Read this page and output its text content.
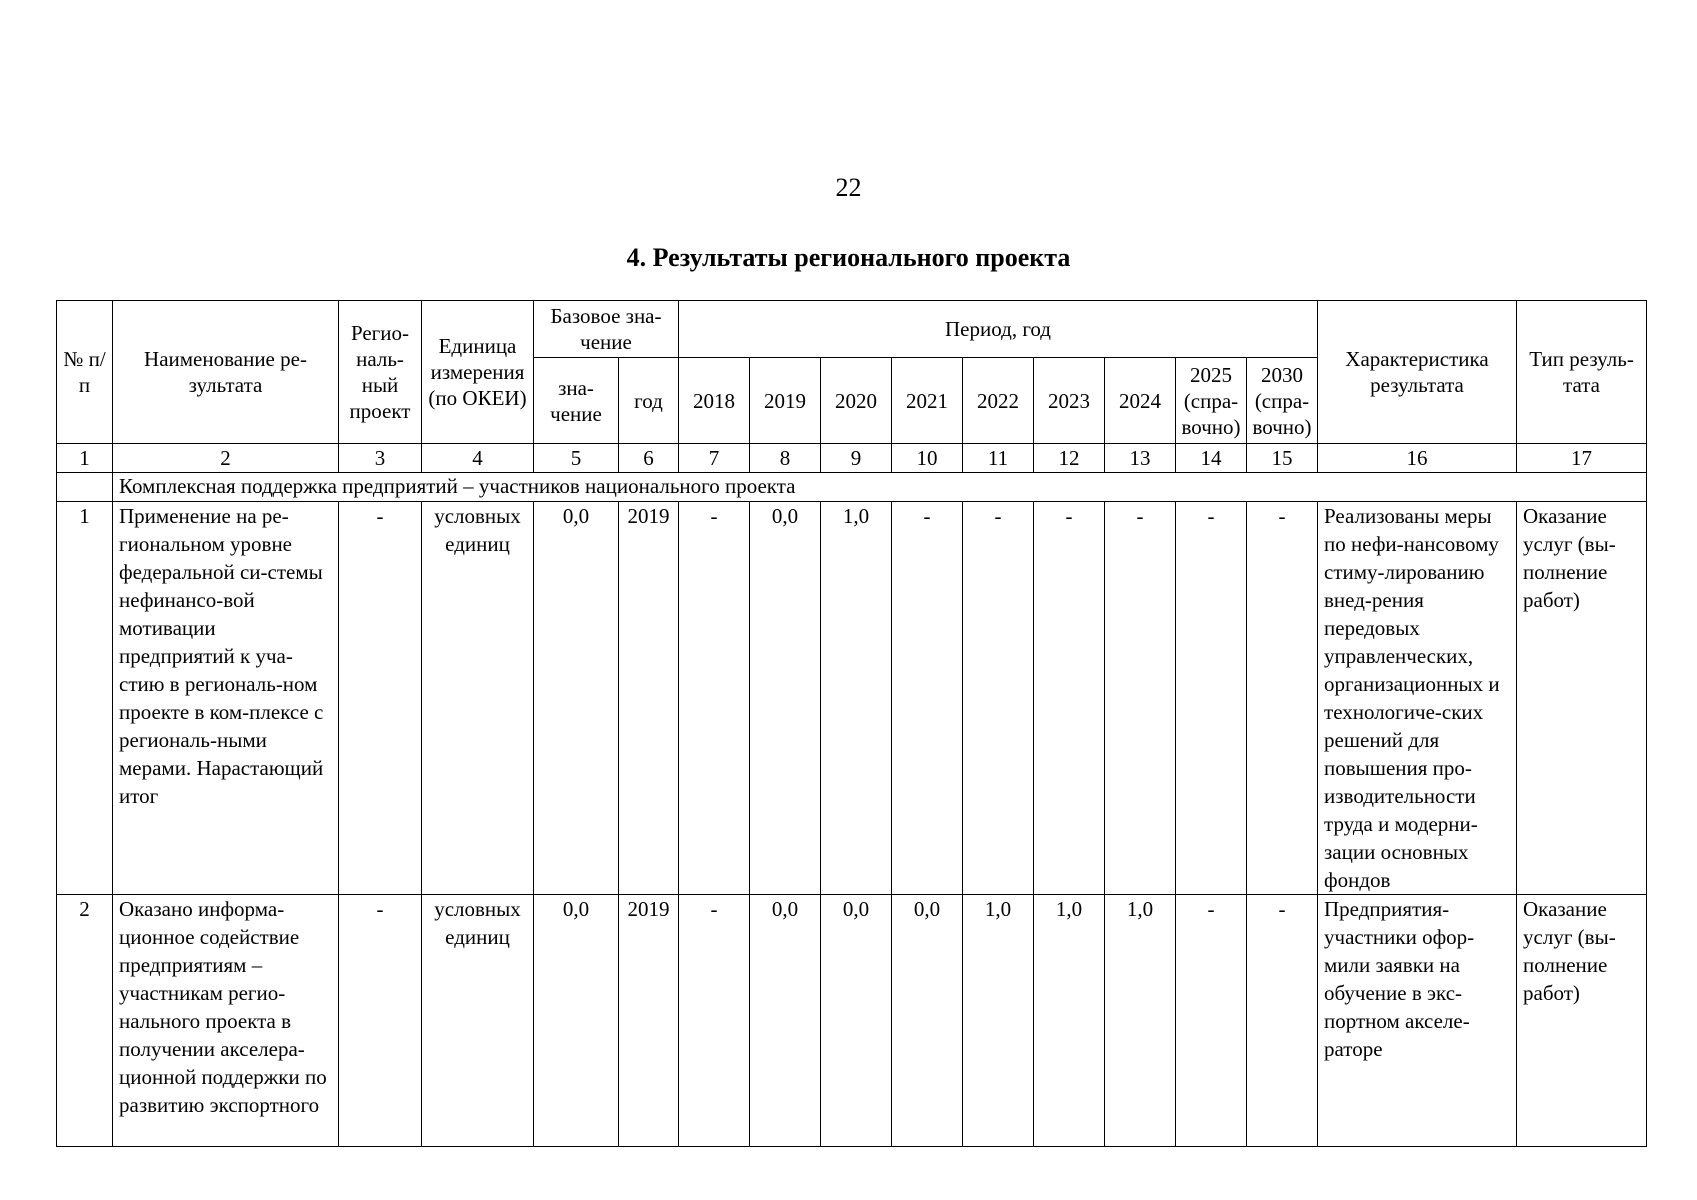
22
4. Результаты регионального проекта
№ п/п	Наименование ре-зультата	Регио-наль-ный проект	Единица измерения (по ОКЕИ)	Базовое зна-чение		Период, год									Характеристика результата	Тип резуль-тата
				зна-чение	год	2018	2019	2020	2021	2022	2023	2024	2025 (спра-вочно)	2030 (спра-вочно)		
1	2	3	4	5	6	7	8	9	10	11	12	13	14	15	16	17
	Комплексная поддержка предприятий – участников национального проекта															
1	Применение на ре-гиональном уровне федеральной си-стемы нефинансо-вой мотивации предприятий к уча-стию в региональ-ном проекте в ком-плексе с региональ-ными мерами. Нарастающий итог	-	условных единиц	0,0	2019	-	0,0	1,0	-	-	-	-	-	-	Реализованы меры по нефи-нансовому стиму-лированию внед-рения передовых управленческих, организационных и технологиче-ских решений для повышения про-изводительности труда и модерни-зации основных фондов	Оказание услуг (вы-полнение работ)
2	Оказано информа-ционное содействие предприятиям – участникам регио-нального проекта в получении акселера-ционной поддержки по развитию экспортного	-	условных единиц	0,0	2019	-	0,0	0,0	0,0	1,0	1,0	1,0	-	-	Предприятия-участники офор-мили заявки на обучение в экс-портном акселе-раторе	Оказание услуг (вы-полнение работ)
